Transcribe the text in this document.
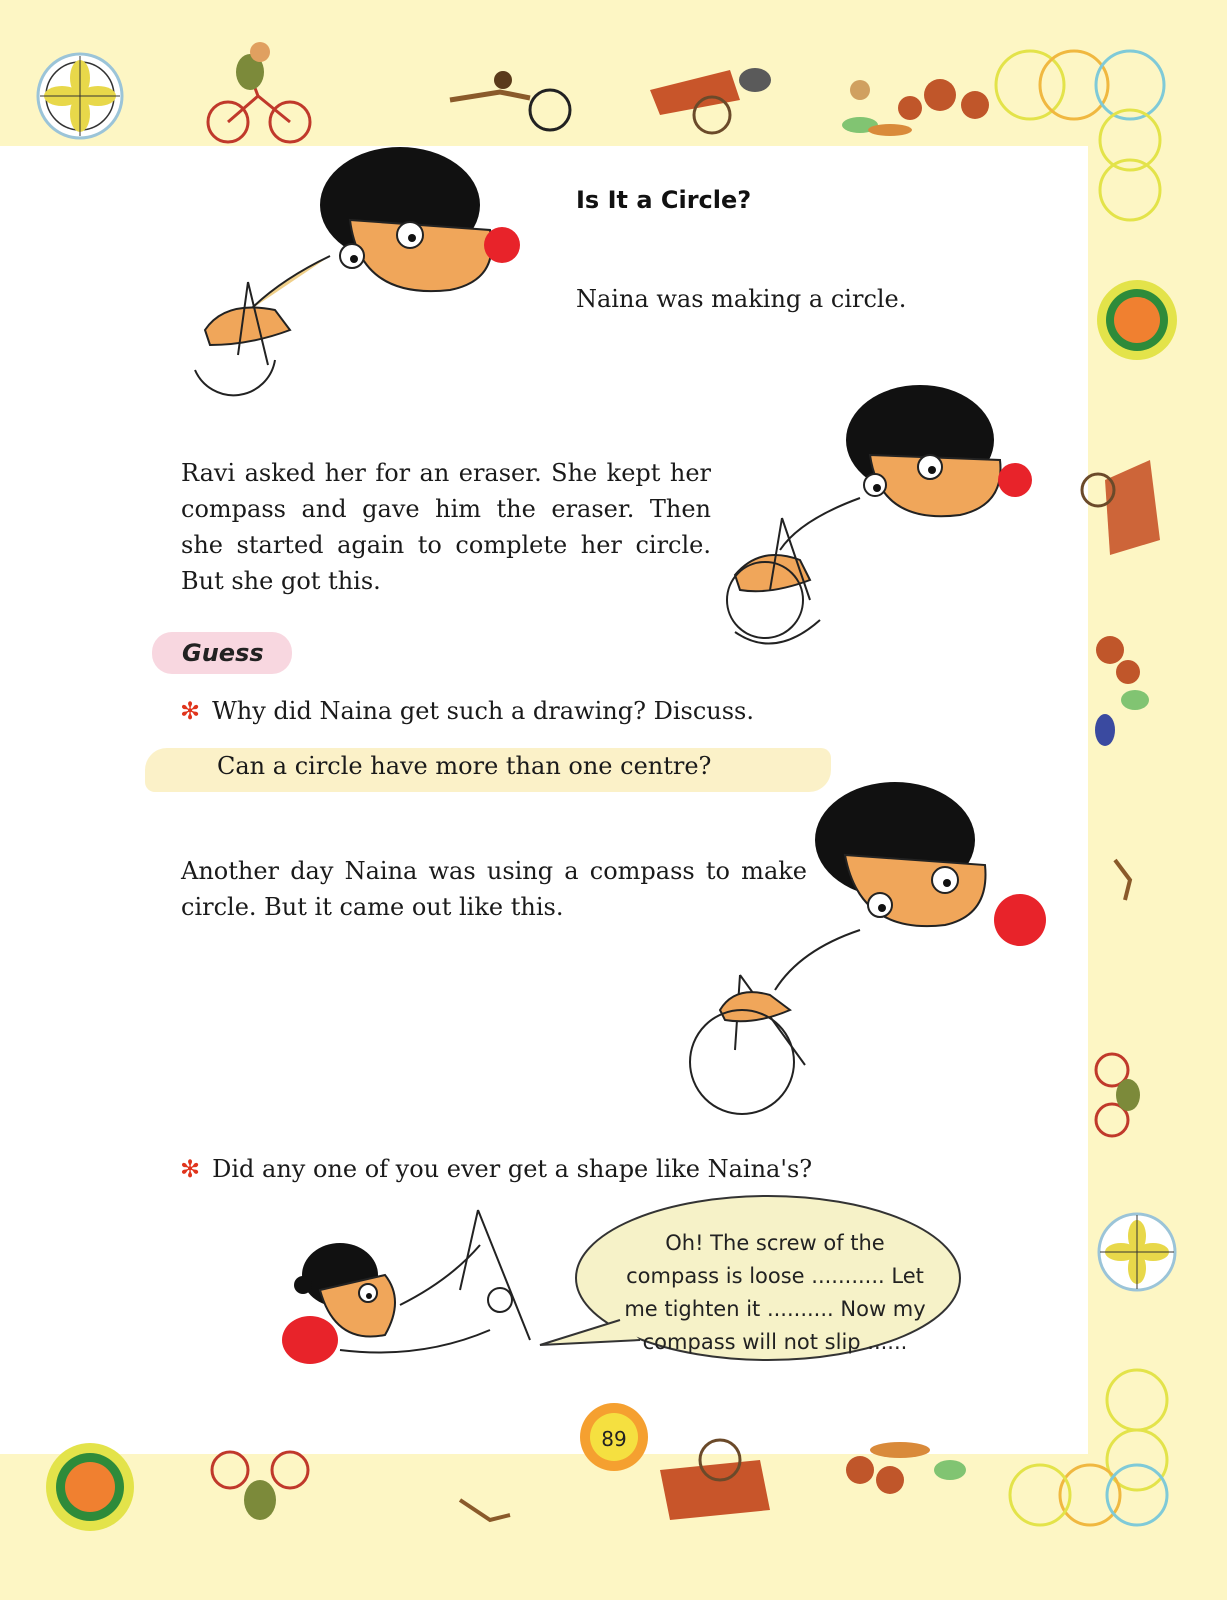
Is It a Circle?
Naina was making a circle.
Ravi asked her for an eraser. She kept her compass and gave him the eraser. Then she started again to complete her circle. But she got this.
Guess
✻ Why did Naina get such a drawing? Discuss.
Can a circle have more than one centre?
Another day Naina was using a compass to make circle. But it came out like this.
✻ Did any one of you ever get a shape like Naina's?
Oh! The screw of the
compass is loose ........... Let
me tighten it .......... Now my
compass will not slip ......
89
